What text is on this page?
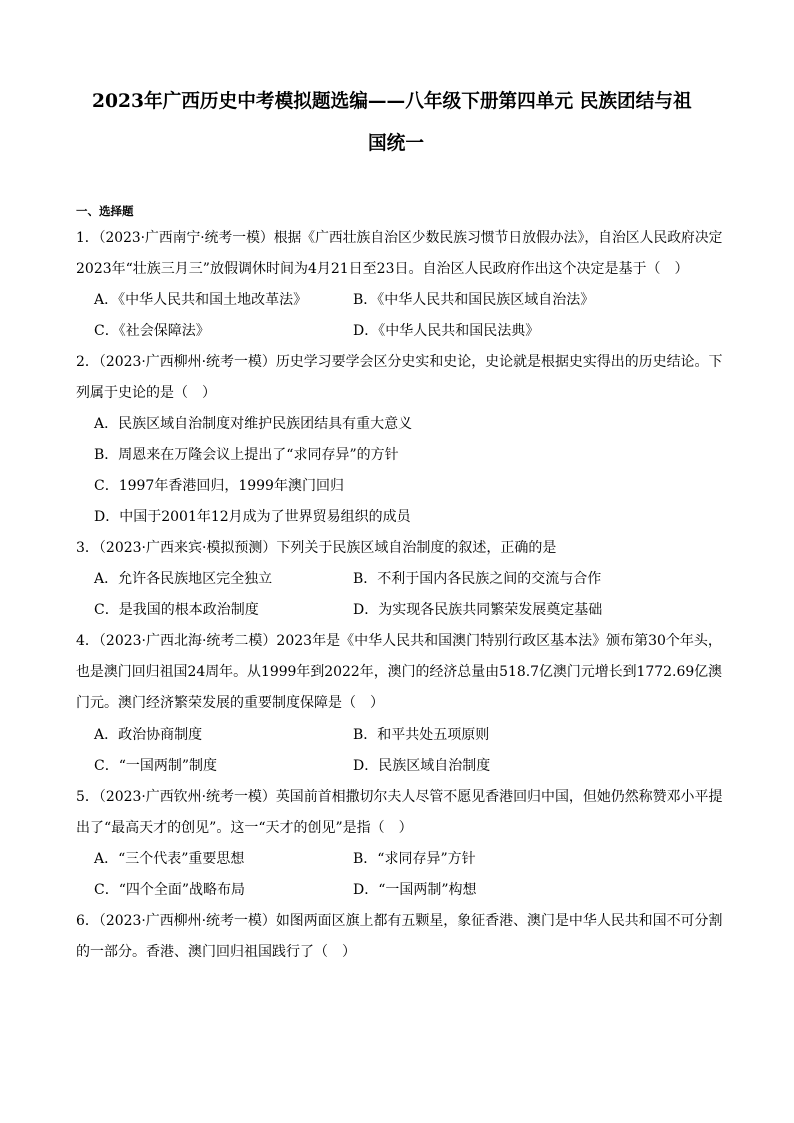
2023年广西历史中考模拟题选编——八年级下册第四单元 民族团结与祖 国统一
一、选择题
1．（2023·广西南宁·统考一模）根据《广西壮族自治区少数民族习惯节日放假办法》，自治区人民政府决定
2023年“壮族三月三”放假调休时间为4月21日至23日。自治区人民政府作出这个决定是基于（　）
A．《中华人民共和国土地改革法》	B．《中华人民共和国民族区域自治法》
C．《社会保障法》	D．《中华人民共和国民法典》
2．（2023·广西柳州·统考一模）历史学习要学会区分史实和史论，史论就是根据史实得出的历史结论。下
列属于史论的是（　）
A．民族区域自治制度对维护民族团结具有重大意义
B．周恩来在万隆会议上提出了“求同存异”的方针
C．1997年香港回归，1999年澳门回归
D．中国于2001年12月成为了世界贸易组织的成员
3．（2023·广西来宾·模拟预测）下列关于民族区域自治制度的叙述，正确的是
A．允许各民族地区完全独立	B．不利于国内各民族之间的交流与合作
C．是我国的根本政治制度	D．为实现各民族共同繁荣发展奠定基础
4．（2023·广西北海·统考二模）2023年是《中华人民共和国澳门特别行政区基本法》颁布第30个年头，
也是澳门回归祖国24周年。从1999年到2022年，澳门的经济总量由518.7亿澳门元增长到1772.69亿澳
门元。澳门经济繁荣发展的重要制度保障是（　）
A．政治协商制度	B．和平共处五项原则
C．“一国两制”制度	D．民族区域自治制度
5．（2023·广西钦州·统考一模）英国前首相撒切尔夫人尽管不愿见香港回归中国，但她仍然称赞邓小平提
出了“最高天才的创见”。这一“天才的创见”是指（　）
A．“三个代表”重要思想	B．“求同存异”方针
C．“四个全面”战略布局	D．“一国两制”构想
6．（2023·广西柳州·统考一模）如图两面区旗上都有五颗星，象征香港、澳门是中华人民共和国不可分割
的一部分。香港、澳门回归祖国践行了（　）
